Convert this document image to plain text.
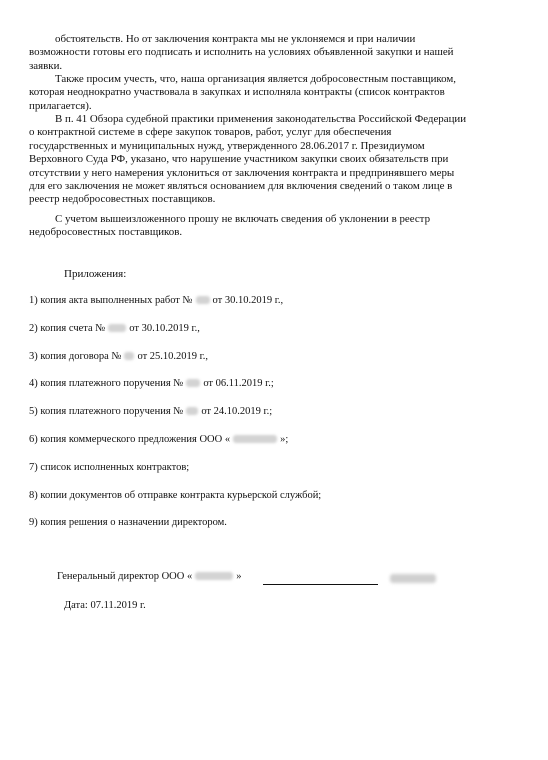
обстоятельств. Но от заключения контракта мы не уклоняемся и при наличии
возможности готовы его подписать и исполнить на условиях объявленной закупки и нашей
заявки.
Также просим учесть, что, наша организация является добросовестным поставщиком,
которая неоднократно участвовала в закупках и исполняла контракты (список контрактов
прилагается).
В п. 41 Обзора судебной практики применения законодательства Российской Федерации
о контрактной системе в сфере закупок товаров, работ, услуг для обеспечения
государственных и муниципальных нужд, утвержденного 28.06.2017 г. Президиумом
Верховного Суда РФ, указано, что нарушение участником закупки своих обязательств при
отсутствии у него намерения уклониться от заключения контракта и предпринявшего меры
для его заключения не может являться основанием для включения сведений о таком лице в
реестр недобросовестных поставщиков.
С учетом вышеизложенного прошу не включать сведения об уклонении в реестр
недобросовестных поставщиков.
Приложения:
1) копия акта выполненных работ № от 30.10.2019 г.,
2) копия счета № от 30.10.2019 г.,
3) копия договора № от 25.10.2019 г.,
4) копия платежного поручения № от 06.11.2019 г.;
5) копия платежного поручения № от 24.10.2019 г.;
6) копия коммерческого предложения ООО «	»;
7) список исполненных контрактов;
8) копии документов об отправке контракта курьерской службой;
9) копия решения о назначении директором.
Генеральный директор ООО «	»
Дата: 07.11.2019 г.
